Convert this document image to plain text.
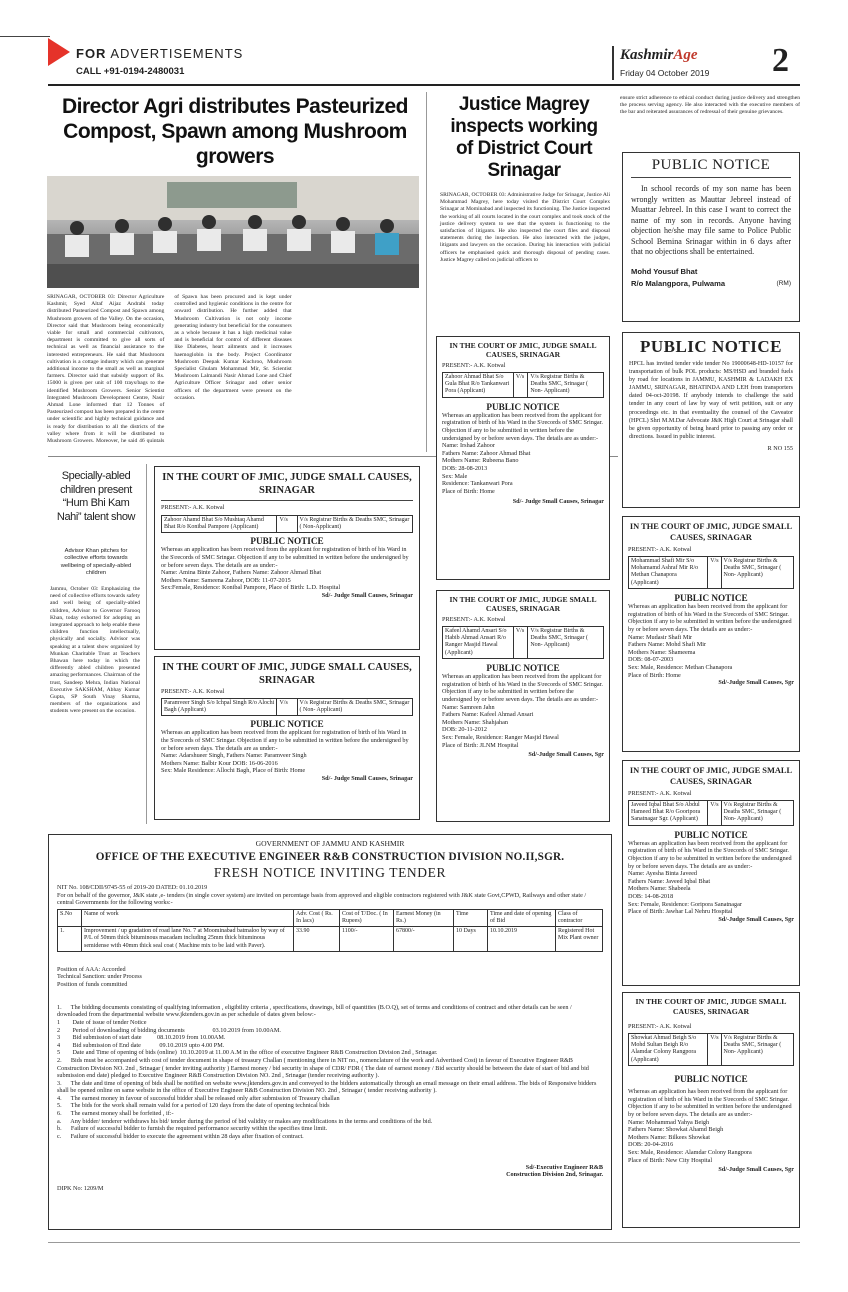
FOR ADVERTISEMENTS
CALL +91-0194-2480031
KashmirAge
Friday 04 October 2019 2
Director Agri distributes Pasteurized Compost, Spawn among Mushroom growers
SRINAGAR, OCTOBER 03: Director Agriculture Kashmir, Syed Altaf Aijaz Andrabi today distributed Pasteurized Compost and Spawn among Mushroom growers of the Valley. On the occasion, Director said that Mushroom being economically viable for small and commercial cultivators, department is committed to give all sorts of technical as well as financial assistance to the interested entrepreneurs. He said that Mushroom cultivation is a cottage industry which can generate additional income to the small as well as marginal farmers. Director said that subsidy support of Rs. 15000 is given per unit of 100 trays/bags to the identified Mushroom Growers. Senior Scientist Integrated Mushroom Development Centre, Nasir Ahmad Lone informed that 12 Tonnes of Pasteurized compost has been prepared in the centre under scientific and highly technical guidance and is ready for distribution to all the districts of the valley where from it will be distributed to Mushroom Growers. Moreover, he said 46 quintals of Spawn has been procured and is kept under controlled and hygienic conditions in the centre for onward distribution. He further added that Mushroom Cultivation is not only income generating industry but beneficial for the consumers as a whole because it has a high medicinal value and is beneficial for control of different diseases like Diabetes, heart ailments and it increases haemoglobin in the body. Project Coordinator Mushroom Deepak Kumar Kuchroo, Mushroom Specialist Ghulam Mohammad Mir, Sr. Scientist Mushroom Lalmandi Nasir Ahmad Lone and Chief Agriculture Officer Srinagar and other senior officers of the department were present on the occasion.
Justice Magrey inspects working of District Court Srinagar
SRINAGAR, OCTOBER 03: Administrative Judge for Srinagar, Justice Ali Mohammad Magrey, here today visited the District Court Complex Srinagar at Mominabad and inspected its functioning. The Justice inspected the working of all courts located in the court complex and took stock of the justice delivery system to see that the system is functioning to the satisfaction of litigants. He also inspected the court files and disposal statements during the inspection. He also interacted with the judges, litigants and lawyers on the occasion. During his interaction with judicial officers he emphasised quick and thorough disposal of pending cases. Justice Magrey called on judicial officers to
ensure strict adherence to ethical conduct during justice delivery and strengthen the process serving agency. He also interacted with the executive members of the bar and reiterated assurances of redressal of their genuine grievances.
PUBLIC NOTICE
In school records of my son name has been wrongly written as Mauttar Jebreel instead of Muattar Jebreel. In this case I want to correct the name of my son in records. Anyone having objection he/she may file same to Police Public School Bemina Srinagar within in 6 days after that no objections shall be entertained.
Mohd Yousuf Bhat
R/o Malangpora, Pulwama	(RM)
PUBLIC NOTICE
HPCL has invited tender vide tender No 19000648-HD-10157 for transportation of bulk POL products: MS/HSD and branded fuels by road for locations in JAMMU, KASHMIR & LADAKH EX JAMMU, SRINAGAR, BHATINDA AND LEH from transporters dated 04-oct-20198. If anybody intends to challenge the said tender in any court of law by way of writ petition, suit or any proceedings etc. in that eventuality the counsel of the Caveator (HPCL) Shri M.M.Dar Advocate J&K High Court at Srinagar shall be given opportunity of being heard prior to passing any order or directions. Issued in public interest.
R NO 155
Specially-abled children present “Hum Bhi Kam Nahi” talent show
Advisor Khan pitches for collective efforts towards wellbeing of specially-abled children
Jammu, October 03: Emphasizing the need of collective efforts towards safety and well being of specially-abled children, Advisor to Governor Farooq Khan, today exhorted for adopting an integrated approach to help enable these children function intellectually, physically and socially. Advisor was speaking at a talent show organized by Munkan Charitable Trust at Teachers Bhawan here today in which the differently abled children presented amazing performances. Chairman of the trust, Sandeep Mehra, Indian National Executive SAKSHAM, Abhay Kumar Gupta, SP South Vinay Sharma, members of the organizations and students were present on the occasion.
IN THE COURT OF JMIC, JUDGE SMALL CAUSES, SRINAGAR
PRESENT:- A.K. Kotwal
Zahoor Ahamd Bhat S/o Mushtaq Ahamd Bhat R/o Konibal Pampore (Applicant)	V/s	V/s Registrar Births & Deaths SMC, Srinagar ( Non-Applicant)
PUBLIC NOTICE
Whereas an application has been received from the applicant for registration of birth of his Ward in the S\records of SMC Sringar. Objection if any to be submitted in written before the undersigned by or before seven days. The details are as under:-
Name: Amina Binte Zahoor, Fathers Name: Zahoor Ahmad Bhat
Mothers Name: Sameena Zahoor, DOB: 11-07-2015
Sex:Female, Residence: Konibal Pampore, Place of Birth: L.D. Hospital
Sd/- Judge Small Causes, Srinagar
IN THE COURT OF JMIC, JUDGE SMALL CAUSES, SRINAGAR
PRESENT:- A.K. Kotwal
Paramveer Singh S/o Ichpal Singh R/o Alochi Bagh (Applicant)	V/s	V/s Registrar Births & Deaths SMC, Srinagar ( Non- Applicant)
PUBLIC NOTICE
Whereas an application has been received from the applicant for registration of birth of his Ward in the S\records of SMC Sringar. Objection if any to be submitted in written before the undersigned by or before seven days. The details are as under:-
Name: Adarshueer Singh, Fathers Name: Paramveer Singh
Mothers Name: Balbir Kour DOB: 16-06-2016
Sex: Male Residence: Allochi Bagh, Place of Birth: Home
Sd/- Judge Small Causes, Srinagar
IN THE COURT OF JMIC, JUDGE SMALL CAUSES, SRINAGAR
PRESENT:- A.K. Kotwal
Zahoor Ahmad Bhat S/o Gula Bhat R/o Tankanwari Pora (Applicant)	V/s	V/s Registrar Births & Deaths SMC, Srinagar ( Non- Applicant)
PUBLIC NOTICE
Whereas an application has been received from the applicant for registration of birth of his Ward in the S\records of SMC Sringar. Objection if any to be submitted in written before the undersigned by or before seven days. The details are as under:-
Name: Irshad Zahoor
Fathers Name: Zahoor Ahmad Bhat
Mothers Name: Rubeena Bano
DOB: 28-08-2013
Sex: Male
Residence: Tankanwari Pora
Place of Birth: Home
Sd/- Judge Small Causes, Srinagar
IN THE COURT OF JMIC, JUDGE SMALL CAUSES, SRINAGAR
PRESENT:- A.K. Kotwal
Kafeel Ahamd Ansari S/o Habib Ahmad Ansari R/o Ranger Masjid Hawal (Applicant)	V/s	V/s Registrar Births & Deaths SMC, Srinagar ( Non- Applicant)
PUBLIC NOTICE
Whereas an application has been received from the applicant for registration of birth of his Ward in the S\records of SMC Sringar. Objection if any to be submitted in written before the undersigned by or before seven days. The details are as under:-
Name: Samreen Jahn
Fathers Name: Kafeel Ahmad Ansari
Mothers Name: Shahjahan
DOB: 20-11-2012
Sex: Female, Residence: Ranger Masjid Hawal
Place of Birth: JLNM Hospital
Sd/-Judge Small Causes, Sgr
IN THE COURT OF JMIC, JUDGE SMALL CAUSES, SRINAGAR
PRESENT:- A.K. Kotwal
Mohammad Shafi Mir S/o Mohamamd Ashraf Mir R/o Methan Chanapora (Applicant)	V/s	V/s Registrar Births & Deaths SMC, Srinagar ( Non- Applicant)
PUBLIC NOTICE
Whereas an application has been received from the applicant for registration of birth of his Ward in the S\records of SMC Sringar. Objection if any to be submitted in written before the undersigned by or before seven days. The details are as under:-
Name: Mudasir Shafi Mir
Fathers Name: Mohd Shafi Mir
Mothers Name: Shameema
DOB: 08-07-2003
Sex: Male, Residence: Methan Chanapora
Place of Birth: Home
Sd/-Judge Small Causes, Sgr
IN THE COURT OF JMIC, JUDGE SMALL CAUSES, SRINAGAR
PRESENT:- A.K. Kotwal
Javeed Iqbal Bhat S/o Abdul Hameed Bhat R/o Gooripora Sanatnagar Sgr. (Applicant)	V/s	V/s Registrar Births & Deaths SMC, Srinagar ( Non- Applicant)
PUBLIC NOTICE
Whereas an application has been received from the applicant for registration of birth of his Ward in the S\records of SMC Sringar. Objection if any to be submitted in written before the undersigned by or before seven days. The details are as under:-
Name: Ayesha Binta Javeed
Fathers Name: Javeed Iqbal Bhat
Mothers Name: Shabeela
DOB: 14-08-2018
Sex: Female, Residence: Goripora Sanatnagar
Place of Birth: Jawhar Lal Nehru Hospital
Sd/-Judge Small Causes, Sgr
IN THE COURT OF JMIC, JUDGE SMALL CAUSES, SRINAGAR
PRESENT:- A.K. Kotwal
Showkat Ahmad Beigh S/o Mohd Sultan Beigh R/o Alamdar Colony Rangpora (Applicant)	V/s	V/s Registrar Births & Deaths SMC, Srinagar ( Non- Applicant)
PUBLIC NOTICE
Whereas an application has been received from the applicant for registration of birth of his Ward in the S\records of SMC Sringar. Objection if any to be submitted in written before the undersigned by or before seven days. The details are as under:-
Name: Mohammad Yahya Beigh
Fathers Name: Showkat Ahamd Beigh
Mothers Name: Bilkees Showkat
DOB: 20-04-2016
Sex: Male, Residence: Alamdar Colony Rangpora
Place of Birth: New City Hospital
Sd/-Judge Small Causes, Sgr
GOVERNMENT OF JAMMU AND KASHMIR
OFFICE OF THE EXECUTIVE ENGINEER R&B CONSTRUCTION DIVISION NO.II,SGR.
FRESH NOTICE INVITING TENDER
NIT No. 108/CDII/9745-55 of 2019-20 DATED: 01.10.2019
For on behalf of the governor, J&K state ,e- tenders (in single cover system) are invited on percentage basis from approved and eligible contractors registered with J&K state Govt,CPWD, Railways and other state / central Governments for the following works:-
S.No	Name of work	Adv. Cost ( Rs. In lacs)	Cost of T/Doc. ( In Rupees)	Earnest Money (in Rs.)	Time	Time and date of opening of Bid	Class of contractor
1.	Improvement / up gradation of road lane No. 7 at Moominabad batmaloo by way of P/L of 50mm thick bituminous macadam including 25mm thick bituminous semidense with 40mm thick seal coat ( Machine mix to be laid with Paver).	33.90	1100/-	67800/-	10 Days	10.10.2019	Registered Hot Mix Plant owner
Position of AAA: Accorded
Technical Sanction: under Process
Position of funds committed

1.      The bidding documents consisting of qualifying information , eligibility criteria , specifications, drawings, bill of quantities (B.O.Q), set of terms and conditions of contract and other details can be seen / downloaded from the departmental website www.jktenders.gov.in as per schedule of dates given below:-
1        Date of issue of tender Notice
2        Period of downloading of bidding documents                  03.10.2019 from 10.00AM.
3        Bid submission of start date          08.10.2019 from 10.00AM.
4        Bid submission of End date            09.10.2019 upto 4.00 PM.
5        Date and Time of opening of bids (online)  10.10.2019 at 11.00 A.M in the office of executive Engineer R&B Construction Division 2nd , Srinagar.
2.      Bids must be accompanied with cost of tender document in shape of treasury Challan ( mentioning there in NIT no., nomenclature of the work and Advertised Cost) in favour of Executive Engineer R&B Construction Division NO. 2nd , Srinagar ( tender inviting authority ) Earnest money / bid security in shape of CDR/ FDR ( The date of earnest money / Bid security should be between the date of start of bid and bid submission end date) pledged to Executive Engineer R&B Construction Division NO. 2nd , Srinagar (tender receiving authority ).
3.      The date and time of opening of bids shall be notified on website www.jktenders.gov.in and conveyed to the bidders automatically through an email message on their email address. The bids of Responsive bidders shall be opened online on same website in the office of Executive Engineer R&B Construction Division NO. 2nd , Srinagar ( tender receiving authority ).
4.      The earnest money in favour of successful bidder shall be released only after submission of Treasury challan
5.      The bids for the work shall remain valid for a period of 120 days from the date of opening technical bids
6.      The earnest money shall be forfeited , if:-
a.      Any bidder/ tenderer withdraws his bid/ tender during the period of bid validity or makes any modifications in the terms and conditions of the bid.
b.      Failure of successful bidder to furnish the required performance security within the specifies time limit.
c.      Failure of successful bidder to execute the agreement within 28 days after fixation of contract.

Sd/-Executive Engineer R&B
Construction Division 2nd, Srinagar.
DIPK No: 1209/M
